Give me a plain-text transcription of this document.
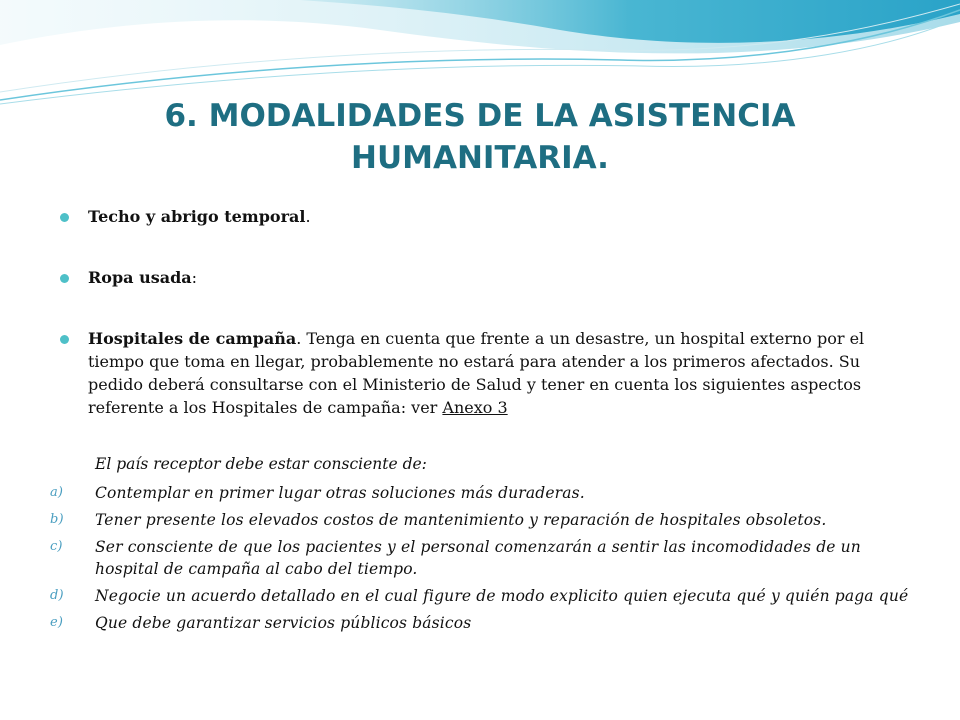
6. MODALIDADES DE LA ASISTENCIA HUMANITARIA.
Techo y abrigo temporal.
Ropa usada:
Hospitales de campaña. Tenga en cuenta que frente a un desastre, un hospital externo por el tiempo que toma en llegar, probablemente no estará para atender a los primeros afectados. Su pedido deberá consultarse con el Ministerio de Salud y tener en cuenta los siguientes aspectos referente a los Hospitales de campaña: ver Anexo 3

El país receptor debe estar consciente de:

a) Contemplar en primer lugar otras soluciones más duraderas.
b) Tener presente los elevados costos de mantenimiento y reparación de hospitales obsoletos.
c) Ser consciente de que los pacientes y el personal comenzarán a sentir las incomodidades de un hospital de campaña al cabo del tiempo.
d) Negocie un acuerdo detallado en el cual figure de modo explicito quien ejecuta qué y quién paga qué
e) Que debe garantizar servicios públicos básicos
